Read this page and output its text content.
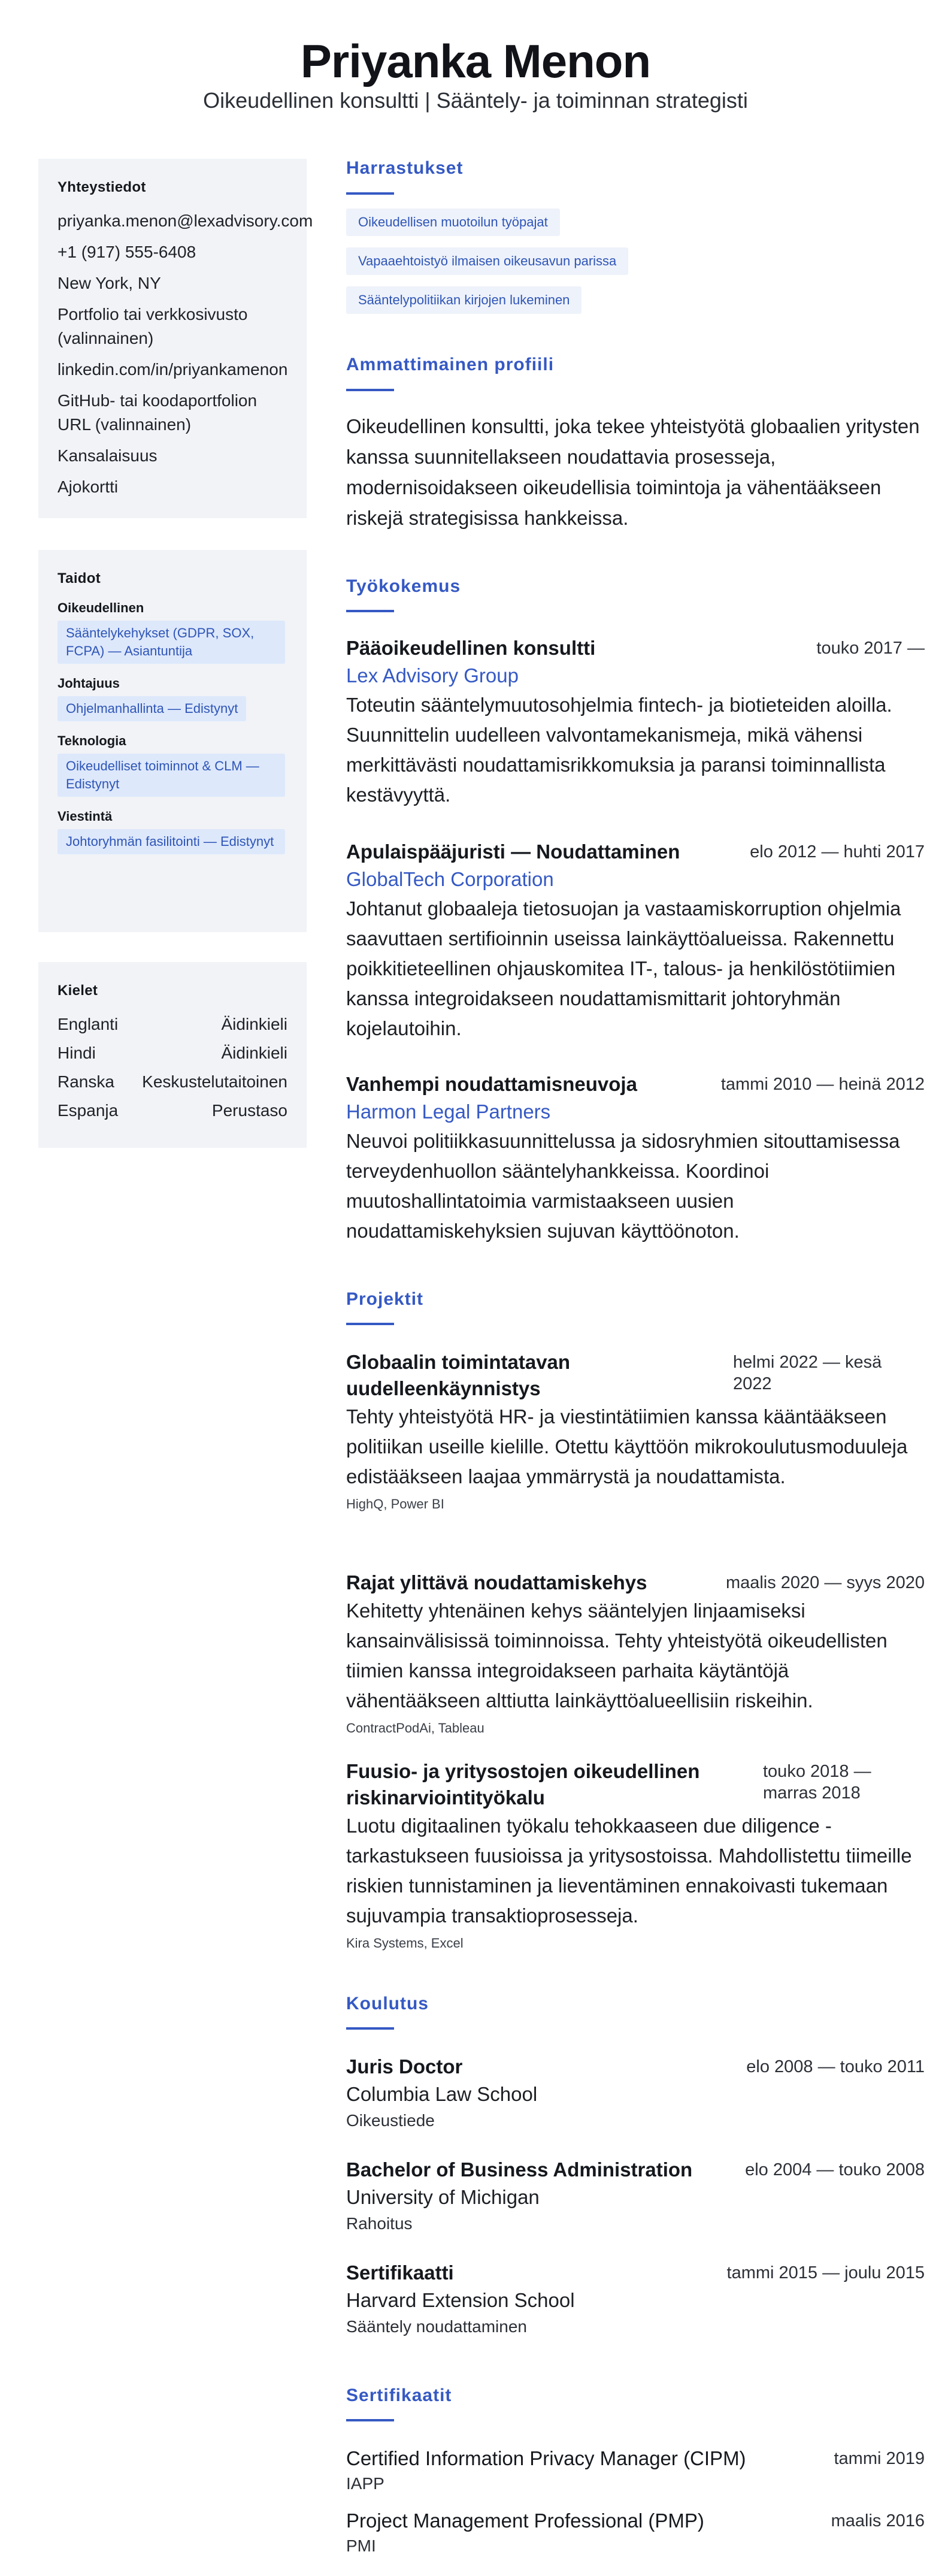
Priyanka Menon
Oikeudellinen konsultti | Sääntely- ja toiminnan strategisti
Yhteystiedot
priyanka.menon@lexadvisory.com
+1 (917) 555-6408
New York, NY
Portfolio tai verkkosivusto (valinnainen)
linkedin.com/in/priyankamenon
GitHub- tai koodaportfolion URL (valinnainen)
Kansalaisuus
Ajokortti
Taidot
Oikeudellinen
Sääntelykehykset (GDPR, SOX, FCPA) — Asiantuntija
Johtajuus
Ohjelmanhallinta — Edistynyt
Teknologia
Oikeudelliset toiminnot & CLM — Edistynyt
Viestintä
Johtoryhmän fasilitointi — Edistynyt
Kielet
Englanti	Äidinkieli
Hindi	Äidinkieli
Ranska Keskustelutaitoinen
Espanja	Perustaso
Harrastukset
Oikeudellisen muotoilun työpajat
Vapaaehtoistyö ilmaisen oikeusavun parissa
Sääntelypolitiikan kirjojen lukeminen
Ammattimainen profiili
Oikeudellinen konsultti, joka tekee yhteistyötä globaalien yritysten kanssa suunnitellakseen noudattavia prosesseja, modernisoidakseen oikeudellisia toimintoja ja vähentääkseen riskejä strategisissa hankkeissa.
Työkokemus
Pääoikeudellinen konsultti	touko 2017 —
Lex Advisory Group
Toteutin sääntelymuutosohjelmia fintech- ja biotieteiden aloilla. Suunnittelin uudelleen valvontamekanismeja, mikä vähensi merkittävästi noudattamisrikkomuksia ja paransi toiminnallista kestävyyttä.
Apulaispääjuristi — Noudattaminen	elo 2012 — huhti 2017
GlobalTech Corporation
Johtanut globaaleja tietosuojan ja vastaamiskorruption ohjelmia saavuttaen sertifioinnin useissa lainkäyttöalueissa. Rakennettu poikkitieteellinen ohjauskomitea IT-, talous- ja henkilöstötiimien kanssa integroidakseen noudattamismittarit johtoryhmän kojelautoihin.
Vanhempi noudattamisneuvoja	tammi 2010 — heinä 2012
Harmon Legal Partners
Neuvoi politiikkasuunnittelussa ja sidosryhmien sitouttamisessa terveydenhuollon sääntelyhankkeissa. Koordinoi muutoshallintatoimia varmistaakseen uusien noudattamiskehyksien sujuvan käyttöönoton.
Projektit
Globaalin toimintatavan
uudelleenkäynnistys
helmi 2022 — kesä
2022
Tehty yhteistyötä HR- ja viestintätiimien kanssa kääntääkseen politiikan useille kielille. Otettu käyttöön mikrokoulutusmoduuleja edistääkseen laajaa ymmärrystä ja noudattamista.
HighQ, Power BI
Rajat ylittävä noudattamiskehys	maalis 2020 — syys 2020
Kehitetty yhtenäinen kehys sääntelyjen linjaamiseksi kansainvälisissä toiminnoissa. Tehty yhteistyötä oikeudellisten tiimien kanssa integroidakseen parhaita käytäntöjä vähentääkseen alttiutta lainkäyttöalueellisiin riskeihin.
ContractPodAi, Tableau
Fuusio- ja yritysostojen oikeudellinen
riskinarviointityökalu
touko 2018 —
marras 2018
Luotu digitaalinen työkalu tehokkaaseen due diligence -tarkastukseen fuusioissa ja yritysostoissa. Mahdollistettu tiimeille riskien tunnistaminen ja lieventäminen ennakoivasti tukemaan sujuvampia transaktioprosesseja.
Kira Systems, Excel
Koulutus
Juris Doctor	elo 2008 — touko 2011
Columbia Law School
Oikeustiede
Bachelor of Business Administration	elo 2004 — touko 2008
University of Michigan
Rahoitus
Sertifikaatti	tammi 2015 — joulu 2015
Harvard Extension School
Sääntely noudattaminen
Sertifikaatit
Certified Information Privacy Manager (CIPM)	tammi 2019
IAPP
Project Management Professional (PMP)	maalis 2016
PMI
